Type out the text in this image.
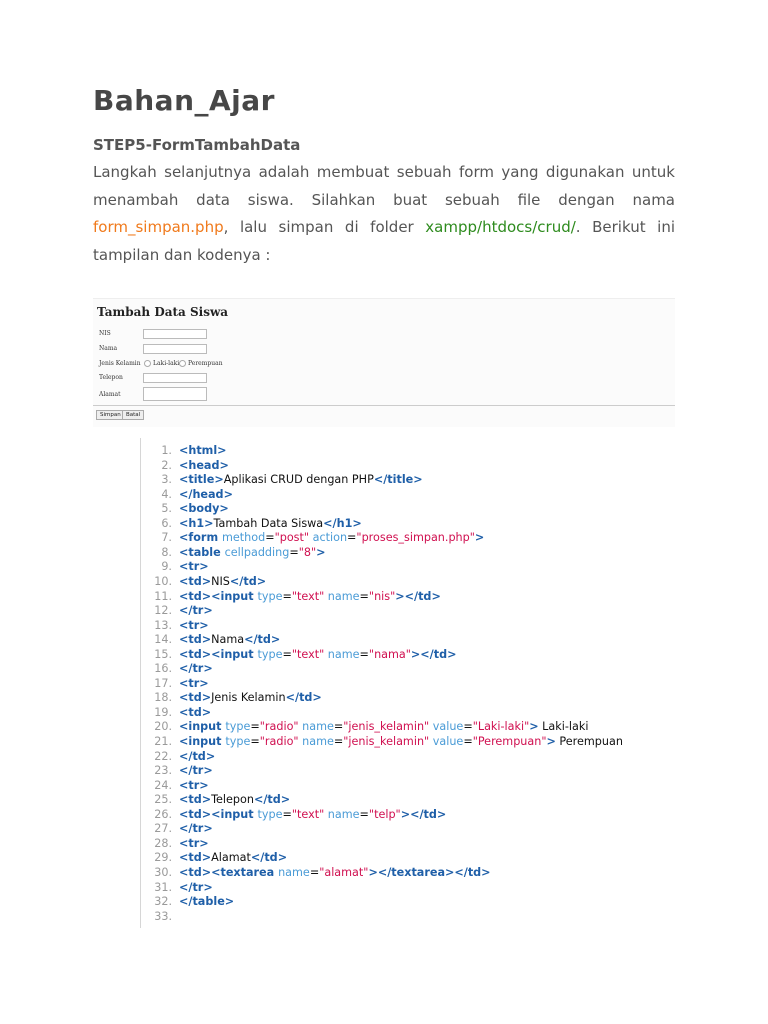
Bahan_Ajar
STEP5-FormTambahData

Langkah selanjutnya adalah membuat sebuah form yang digunakan untuk menambah data siswa. Silahkan buat sebuah file dengan nama form_simpan.php, lalu simpan di folder xampp/htdocs/crud/. Berikut ini tampilan dan kodenya :

Tambah Data Siswa
NIS
Nama
Jenis Kelamin Laki-laki Perempuan
Telepon
Alamat
Simpan Batal
1. <html>
2. <head>
3. <title>Aplikasi CRUD dengan PHP</title>
4. </head>
5. <body>
6. <h1>Tambah Data Siswa</h1>
7. <form method="post" action="proses_simpan.php">
8. <table cellpadding="8">
9. <tr>
10. <td>NIS</td>
11. <td><input type="text" name="nis"></td>
12. </tr>
13. <tr>
14. <td>Nama</td>
15. <td><input type="text" name="nama"></td>
16. </tr>
17. <tr>
18. <td>Jenis Kelamin</td>
19. <td>
20. <input type="radio" name="jenis_kelamin" value="Laki-laki"> Laki-laki
21. <input type="radio" name="jenis_kelamin" value="Perempuan"> Perempuan
22. </td>
23. </tr>
24. <tr>
25. <td>Telepon</td>
26. <td><input type="text" name="telp"></td>
27. </tr>
28. <tr>
29. <td>Alamat</td>
30. <td><textarea name="alamat"></textarea></td>
31. </tr>
32. </table>
33.
